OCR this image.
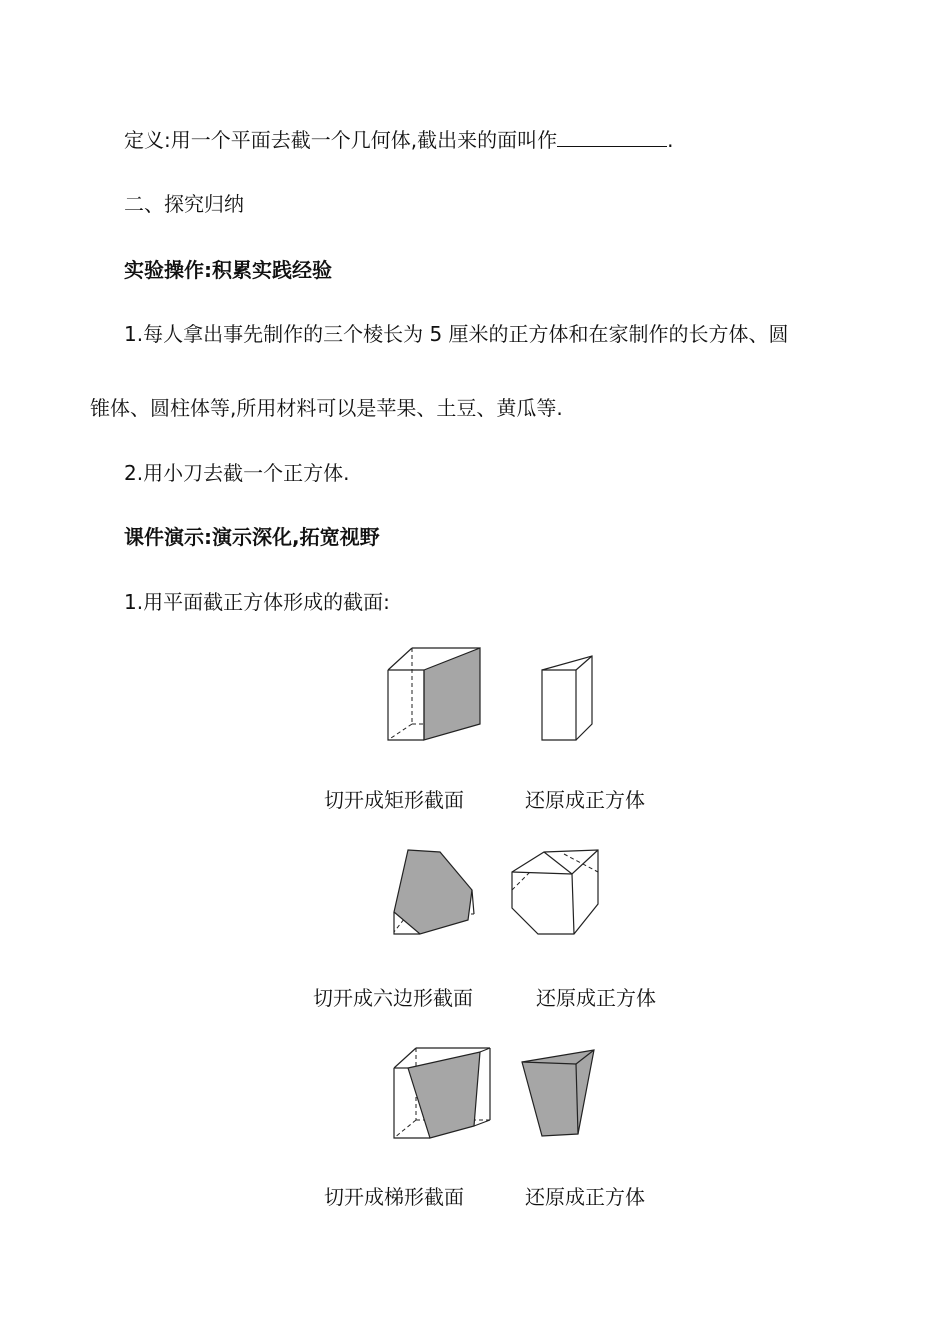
定义:用一个平面去截一个几何体,截出来的面叫作	.
二、探究归纳
实验操作:积累实践经验
1.每人拿出事先制作的三个棱长为 5 厘米的正方体和在家制作的长方体、圆
锥体、圆柱体等,所用材料可以是苹果、土豆、黄瓜等.
2.用小刀去截一个正方体.
课件演示:演示深化,拓宽视野
1.用平面截正方体形成的截面:
切开成矩形截面	还原成正方体
切开成六边形截面	还原成正方体
切开成梯形截面	还原成正方体
